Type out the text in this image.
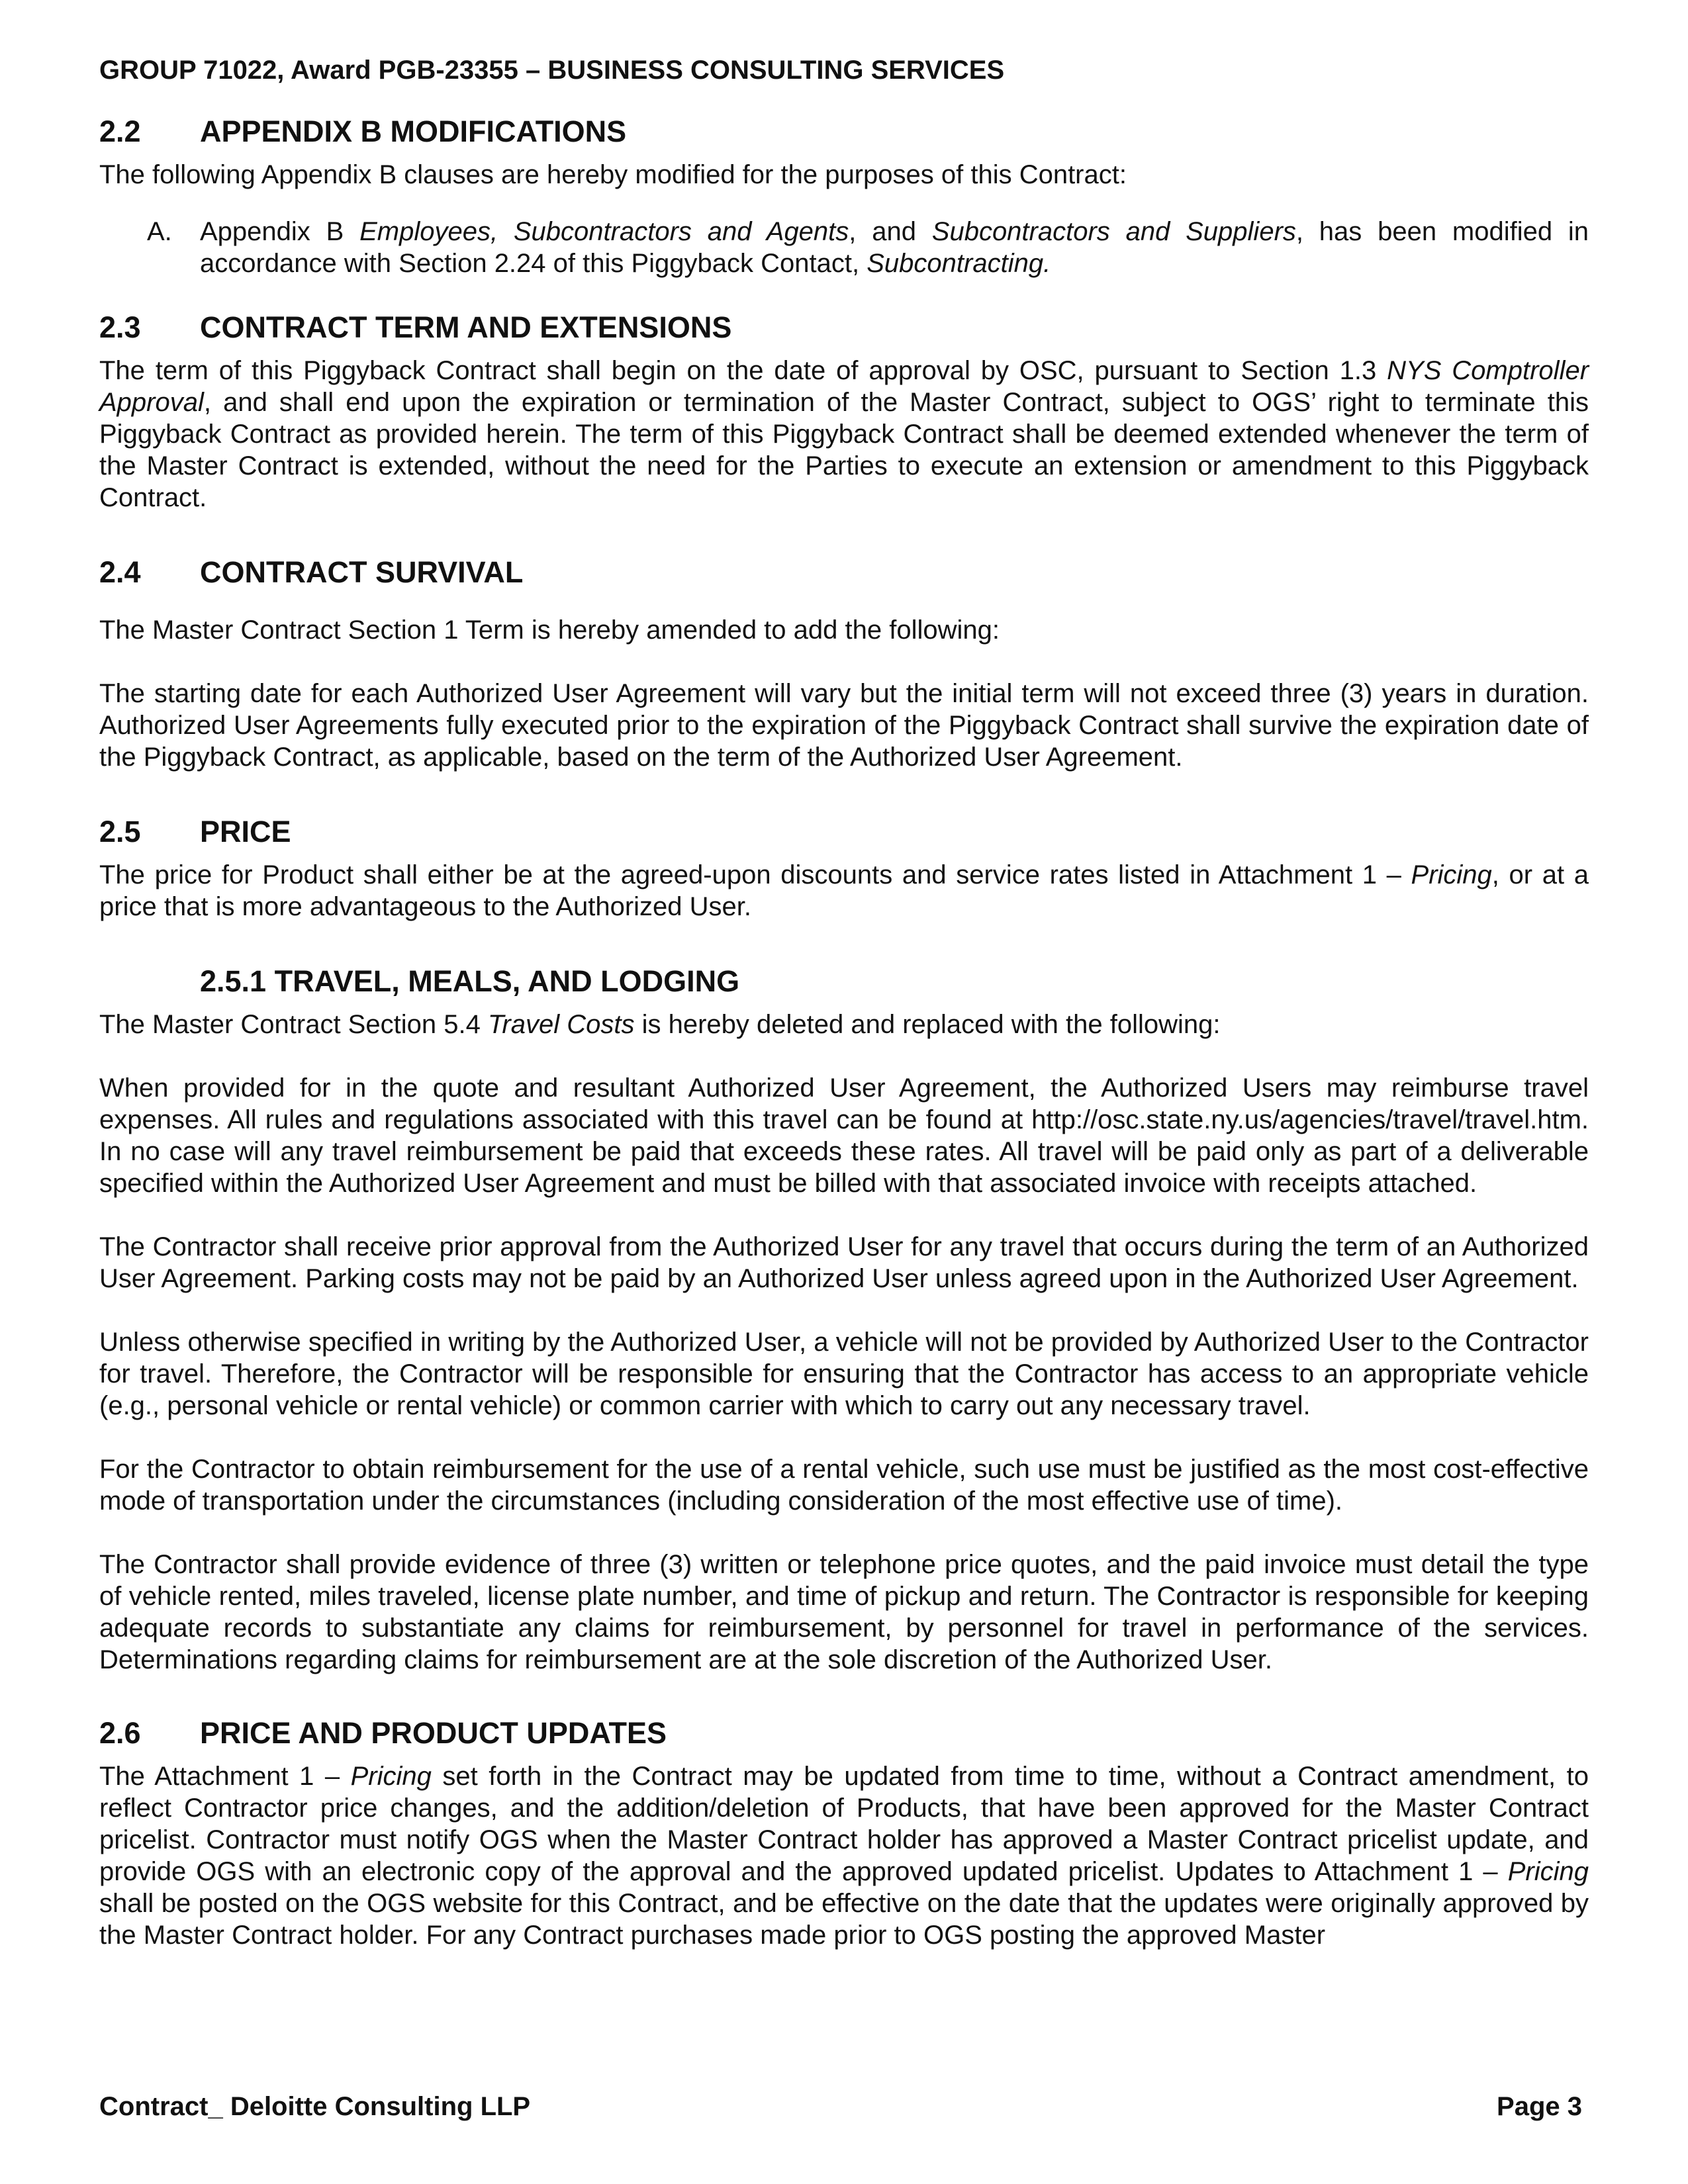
GROUP 71022, Award PGB-23355 – BUSINESS CONSULTING SERVICES
2.2	APPENDIX B MODIFICATIONS
The following Appendix B clauses are hereby modified for the purposes of this Contract:
A.	Appendix B Employees, Subcontractors and Agents, and Subcontractors and Suppliers, has been modified in accordance with Section 2.24 of this Piggyback Contact, Subcontracting.
2.3	CONTRACT TERM AND EXTENSIONS
The term of this Piggyback Contract shall begin on the date of approval by OSC, pursuant to Section 1.3 NYS Comptroller Approval, and shall end upon the expiration or termination of the Master Contract, subject to OGS’ right to terminate this Piggyback Contract as provided herein. The term of this Piggyback Contract shall be deemed extended whenever the term of the Master Contract is extended, without the need for the Parties to execute an extension or amendment to this Piggyback Contract.
2.4	CONTRACT SURVIVAL
The Master Contract Section 1 Term is hereby amended to add the following:
The starting date for each Authorized User Agreement will vary but the initial term will not exceed three (3) years in duration. Authorized User Agreements fully executed prior to the expiration of the Piggyback Contract shall survive the expiration date of the Piggyback Contract, as applicable, based on the term of the Authorized User Agreement.
2.5	PRICE
The price for Product shall either be at the agreed-upon discounts and service rates listed in Attachment 1 – Pricing, or at a price that is more advantageous to the Authorized User.
2.5.1 TRAVEL, MEALS, AND LODGING
The Master Contract Section 5.4 Travel Costs is hereby deleted and replaced with the following:
When provided for in the quote and resultant Authorized User Agreement, the Authorized Users may reimburse travel expenses. All rules and regulations associated with this travel can be found at http://osc.state.ny.us/agencies/travel/travel.htm. In no case will any travel reimbursement be paid that exceeds these rates. All travel will be paid only as part of a deliverable specified within the Authorized User Agreement and must be billed with that associated invoice with receipts attached.
The Contractor shall receive prior approval from the Authorized User for any travel that occurs during the term of an Authorized User Agreement. Parking costs may not be paid by an Authorized User unless agreed upon in the Authorized User Agreement.
Unless otherwise specified in writing by the Authorized User, a vehicle will not be provided by Authorized User to the Contractor for travel. Therefore, the Contractor will be responsible for ensuring that the Contractor has access to an appropriate vehicle (e.g., personal vehicle or rental vehicle) or common carrier with which to carry out any necessary travel.
For the Contractor to obtain reimbursement for the use of a rental vehicle, such use must be justified as the most cost-effective mode of transportation under the circumstances (including consideration of the most effective use of time).
The Contractor shall provide evidence of three (3) written or telephone price quotes, and the paid invoice must detail the type of vehicle rented, miles traveled, license plate number, and time of pickup and return. The Contractor is responsible for keeping adequate records to substantiate any claims for reimbursement, by personnel for travel in performance of the services. Determinations regarding claims for reimbursement are at the sole discretion of the Authorized User.
2.6	PRICE AND PRODUCT UPDATES
The Attachment 1 – Pricing set forth in the Contract may be updated from time to time, without a Contract amendment, to reflect Contractor price changes, and the addition/deletion of Products, that have been approved for the Master Contract pricelist. Contractor must notify OGS when the Master Contract holder has approved a Master Contract pricelist update, and provide OGS with an electronic copy of the approval and the approved updated pricelist. Updates to Attachment 1 – Pricing shall be posted on the OGS website for this Contract, and be effective on the date that the updates were originally approved by the Master Contract holder. For any Contract purchases made prior to OGS posting the approved Master
Contract_ Deloitte Consulting LLP	Page 3
